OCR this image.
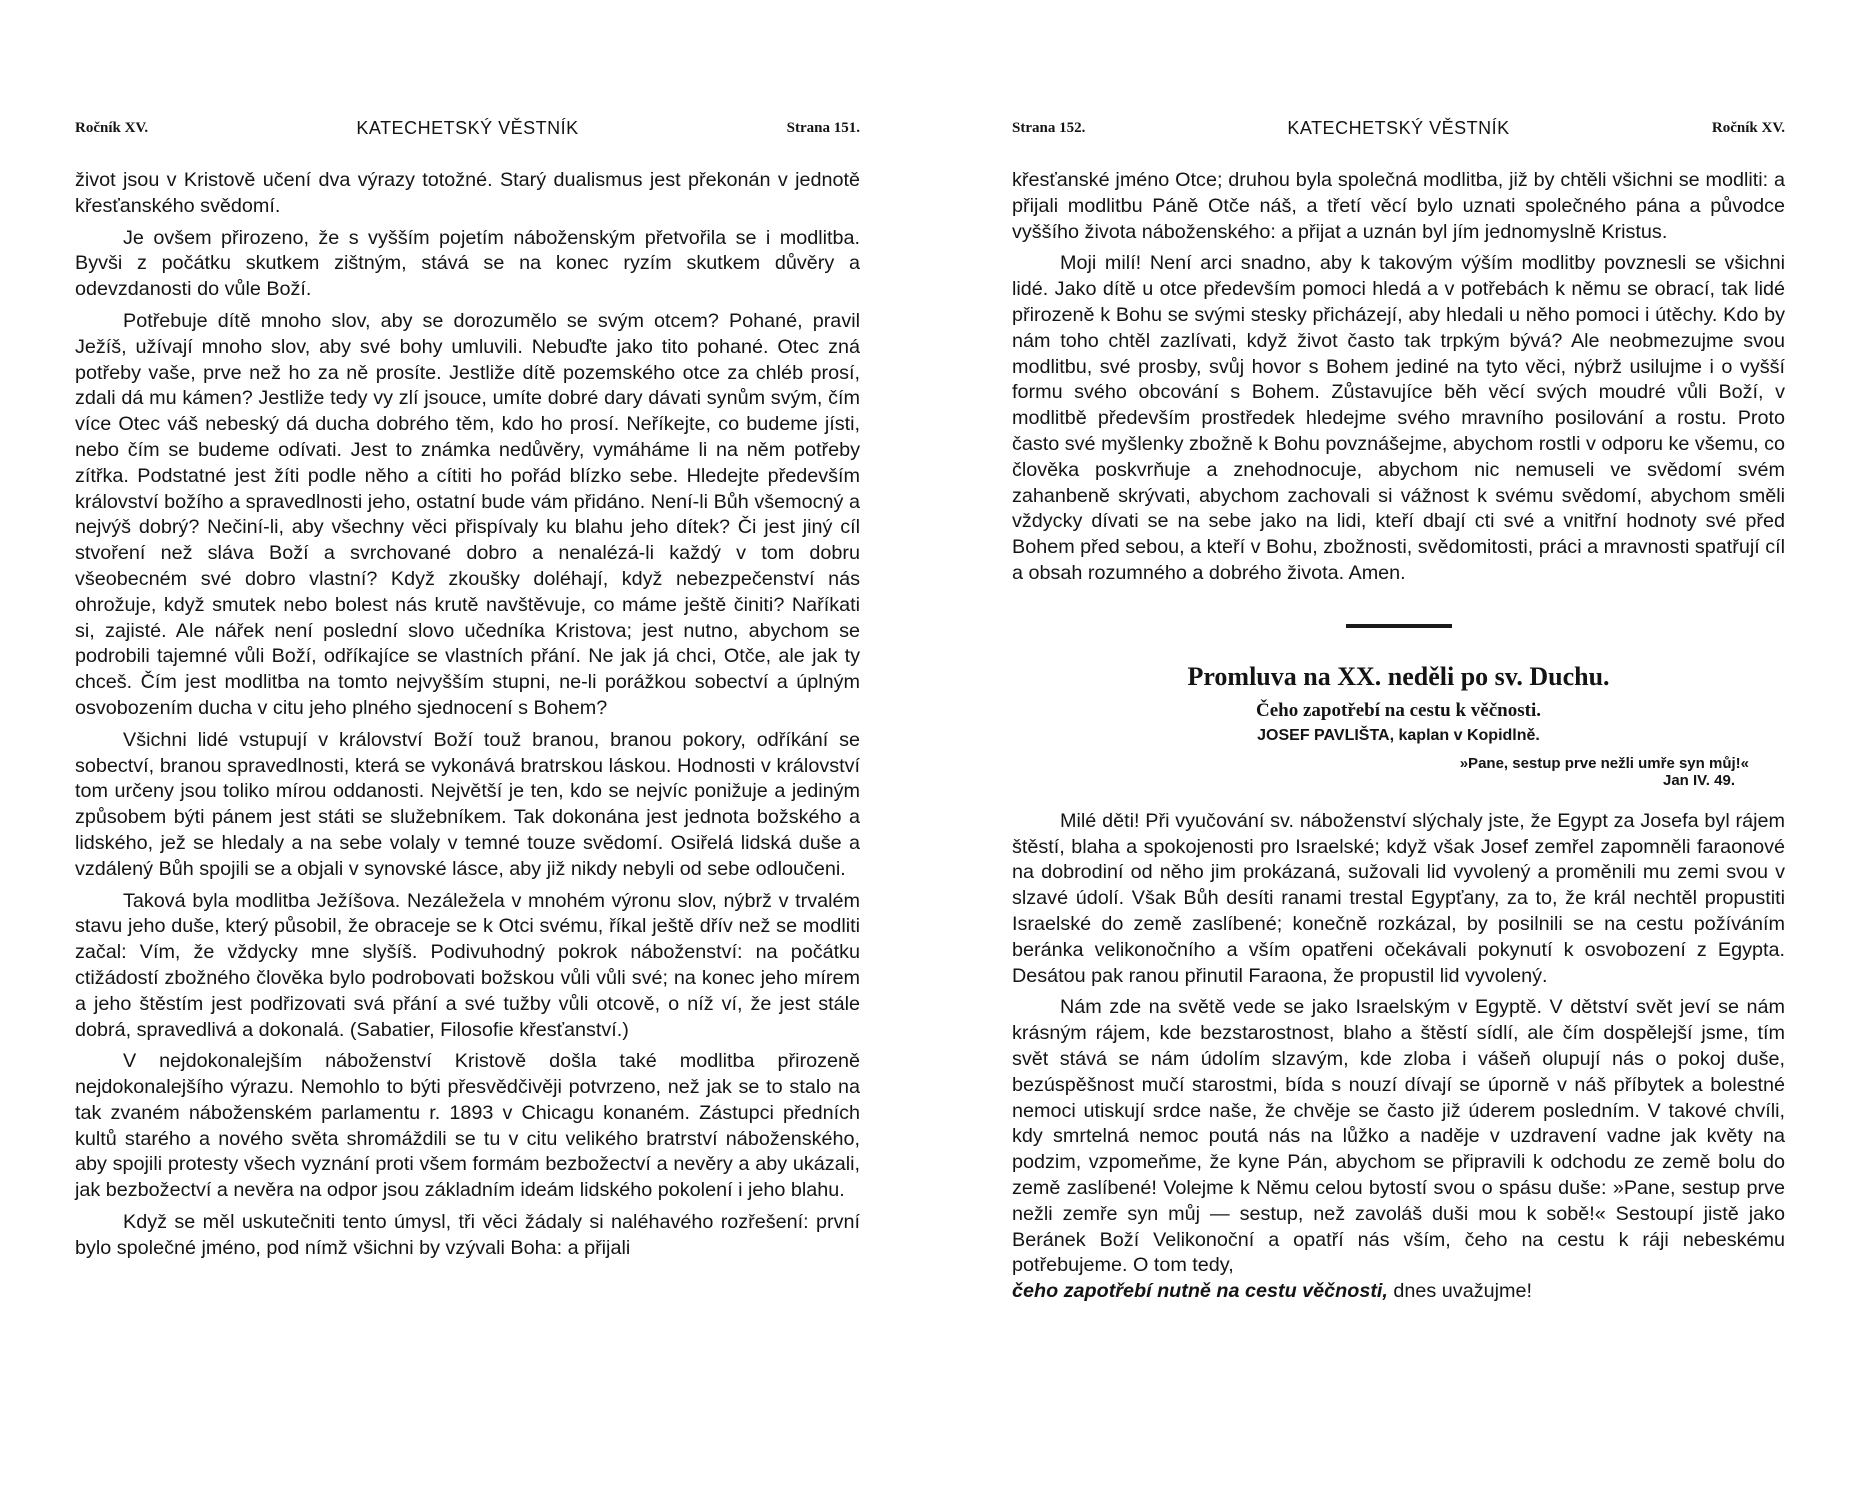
Ročník XV.	KATECHETSKÝ VĚSTNÍK	Strana 151.

život jsou v Kristově učení dva výrazy totožné. Starý dualismus jest překonán v jednotě křesťanského svědomí.

Je ovšem přirozeno, že s vyšším pojetím náboženským přetvořila se i modlitba. Byvši z počátku skutkem zištným, stává se na konec ryzím skutkem důvěry a odevzdanosti do vůle Boží.

Potřebuje dítě mnoho slov, aby se dorozumělo se svým otcem? Pohané, pravil Ježíš, užívají mnoho slov, aby své bohy umluvili. Nebuďte jako tito pohané. Otec zná potřeby vaše, prve než ho za ně prosíte. Jestliže dítě pozemského otce za chléb prosí, zdali dá mu kámen? Jestliže tedy vy zlí jsouce, umíte dobré dary dávati synům svým, čím více Otec váš nebeský dá ducha dobrého těm, kdo ho prosí. Neříkejte, co budeme jísti, nebo čím se budeme odívati. Jest to známka nedůvěry, vymáháme li na něm potřeby zítřka. Podstatné jest žíti podle něho a cítiti ho pořád blízko sebe. Hledejte především království božího a spravedlnosti jeho, ostatní bude vám přidáno. Není-li Bůh všemocný a nejvýš dobrý? Nečiní-li, aby všechny věci přispívaly ku blahu jeho dítek? Či jest jiný cíl stvoření než sláva Boží a svrchované dobro a nenalézá-li každý v tom dobru všeobecném své dobro vlastní? Když zkoušky doléhají, když nebezpečenství nás ohrožuje, když smutek nebo bolest nás krutě navštěvuje, co máme ještě činiti? Naříkati si, zajisté. Ale nářek není poslední slovo učedníka Kristova; jest nutno, abychom se podrobili tajemné vůli Boží, odříkajíce se vlastních přání. Ne jak já chci, Otče, ale jak ty chceš. Čím jest modlitba na tomto nejvyšším stupni, ne-li porážkou sobectví a úplným osvobozením ducha v citu jeho plného sjednocení s Bohem?

Všichni lidé vstupují v království Boží touž branou, branou pokory, odříkání se sobectví, branou spravedlnosti, která se vykonává bratrskou láskou. Hodnosti v království tom určeny jsou toliko mírou oddanosti. Největší je ten, kdo se nejvíc ponižuje a jediným způsobem býti pánem jest státi se služebníkem. Tak dokonána jest jednota božského a lidského, jež se hledaly a na sebe volaly v temné touze svědomí. Osiřelá lidská duše a vzdálený Bůh spojili se a objali v synovské lásce, aby již nikdy nebyli od sebe odloučeni.

Taková byla modlitba Ježíšova. Nezáležela v mnohém výronu slov, nýbrž v trvalém stavu jeho duše, který působil, že obraceje se k Otci svému, říkal ještě dřív než se modliti začal: Vím, že vždycky mne slyšíš. Podivuhodný pokrok náboženství: na počátku ctižádostí zbožného člověka bylo podrobovati božskou vůli vůli své; na konec jeho mírem a jeho štěstím jest podřizovati svá přání a své tužby vůli otcově, o níž ví, že jest stále dobrá, spravedlivá a dokonalá. (Sabatier, Filosofie křesťanství.)

V nejdokonalejším náboženství Kristově došla také modlitba přirozeně nejdokonalejšího výrazu. Nemohlo to býti přesvědčivěji potvrzeno, než jak se to stalo na tak zvaném náboženském parlamentu r. 1893 v Chicagu konaném. Zástupci předních kultů starého a nového světa shromáždili se tu v citu velikého bratrství náboženského, aby spojili protesty všech vyznání proti všem formám bezbožectví a nevěry a aby ukázali, jak bezbožectví a nevěra na odpor jsou základním ideám lidského pokolení i jeho blahu.

Když se měl uskutečniti tento úmysl, tři věci žádaly si naléhavého rozřešení: první bylo společné jméno, pod nímž všichni by vzývali Boha: a přijali

Strana 152.	KATECHETSKÝ VĚSTNÍK	Ročník XV.

křesťanské jméno Otce; druhou byla společná modlitba, již by chtěli všichni se modliti: a přijali modlitbu Páně Otče náš, a třetí věcí bylo uznati společného pána a původce vyššího života náboženského: a přijat a uznán byl jím jednomyslně Kristus.

Moji milí! Není arci snadno, aby k takovým výším modlitby povznesli se všichni lidé. Jako dítě u otce především pomoci hledá a v potřebách k němu se obrací, tak lidé přirozeně k Bohu se svými stesky přicházejí, aby hledali u něho pomoci i útěchy. Kdo by nám toho chtěl zazlívati, když život často tak trpkým bývá? Ale neobmezujme svou modlitbu, své prosby, svůj hovor s Bohem jediné na tyto věci, nýbrž usilujme i o vyšší formu svého obcování s Bohem. Zůstavujíce běh věcí svých moudré vůli Boží, v modlitbě především prostředek hledejme svého mravního posilování a rostu. Proto často své myšlenky zbožně k Bohu povznášejme, abychom rostli v odporu ke všemu, co člověka poskvrňuje a znehodnocuje, abychom nic nemuseli ve svědomí svém zahanbeně skrývati, abychom zachovali si vážnost k svému svědomí, abychom směli vždycky dívati se na sebe jako na lidi, kteří dbají cti své a vnitřní hodnoty své před Bohem před sebou, a kteří v Bohu, zbožnosti, svědomitosti, práci a mravnosti spatřují cíl a obsah rozumného a dobrého života. Amen.

Promluva na XX. neděli po sv. Duchu.
Čeho zapotřebí na cestu k věčnosti.
JOSEF PAVLIŠTA, kaplan v Kopidlně.
»Pane, sestup prve nežli umře syn můj!«
Jan IV. 49.

Milé děti! Při vyučování sv. náboženství slýchaly jste, že Egypt za Josefa byl rájem štěstí, blaha a spokojenosti pro Israelské; když však Josef zemřel zapomněli faraonové na dobrodiní od něho jim prokázaná, sužovali lid vyvolený a proměnili mu zemi svou v slzavé údolí. Však Bůh desíti ranami trestal Egypťany, za to, že král nechtěl propustiti Israelské do země zaslíbené; konečně rozkázal, by posilnili se na cestu požíváním beránka velikonočního a vším opatřeni očekávali pokynutí k osvobození z Egypta. Desátou pak ranou přinutil Faraona, že propustil lid vyvolený.

Nám zde na světě vede se jako Israelským v Egyptě. V dětství svět jeví se nám krásným rájem, kde bezstarostnost, blaho a štěstí sídlí, ale čím dospělejší jsme, tím svět stává se nám údolím slzavým, kde zloba i vášeň olupují nás o pokoj duše, bezúspěšnost mučí starostmi, bída s nouzí dívají se úporně v náš příbytek a bolestné nemoci utiskují srdce naše, že chvěje se často již úderem posledním. V takové chvíli, kdy smrtelná nemoc poutá nás na lůžko a naděje v uzdravení vadne jak květy na podzim, vzpomeňme, že kyne Pán, abychom se připravili k odchodu ze země bolu do země zaslíbené! Volejme k Němu celou bytostí svou o spásu duše: »Pane, sestup prve nežli zemře syn můj — sestup, než zavoláš duši mou k sobě!« Sestoupí jistě jako Beránek Boží Velikonoční a opatří nás vším, čeho na cestu k ráji nebeskému potřebujeme. O tom tedy,
čeho zapotřebí nutně na cestu věčnosti, dnes uvažujme!
